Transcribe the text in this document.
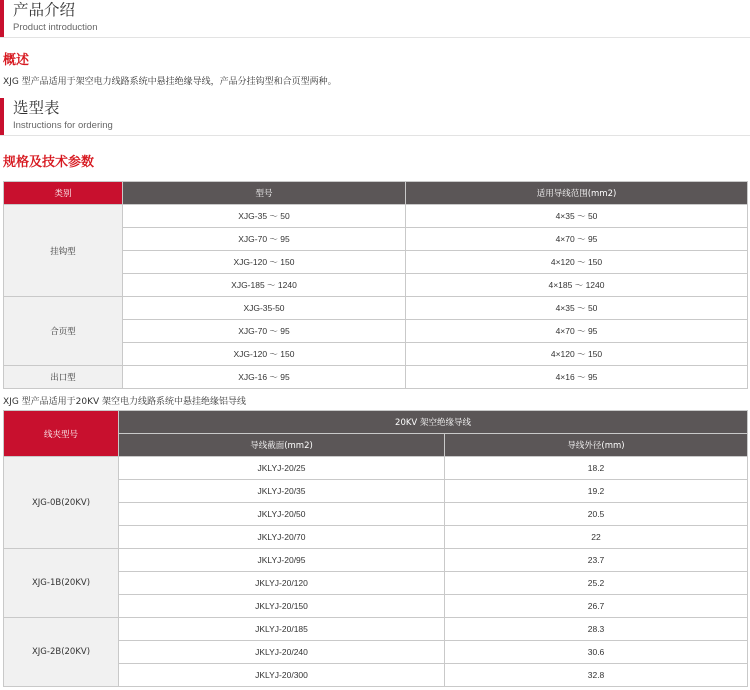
产品介绍
Product introduction
概述
XJG 型产品适用于架空电力线路系统中悬挂绝缘导线，产品分挂钩型和合页型两种。
选型表
Instructions for ordering
规格及技术参数
类别	型号	适用导线范围(mm2)
挂钩型	XJG-35 ～ 50	4×35 ～ 50
	XJG-70 ～ 95	4×70 ～ 95
	XJG-120 ～ 150	4×120 ～ 150
	XJG-185 ～ 1240	4×185 ～ 1240
合页型	XJG-35-50	4×35 ～ 50
	XJG-70 ～ 95	4×70 ～ 95
	XJG-120 ～ 150	4×120 ～ 150
出口型	XJG-16 ～ 95	4×16 ～ 95
XJG 型产品适用于20KV 架空电力线路系统中悬挂绝缘铝导线
线夹型号	20KV 架空绝缘导线	
	导线截面(mm2)	导线外径(mm)
XJG-0B(20KV)	JKLYJ-20/25	18.2
	JKLYJ-20/35	19.2
	JKLYJ-20/50	20.5
	JKLYJ-20/70	22
XJG-1B(20KV)	JKLYJ-20/95	23.7
	JKLYJ-20/120	25.2
	JKLYJ-20/150	26.7
XJG-2B(20KV)	JKLYJ-20/185	28.3
	JKLYJ-20/240	30.6
	JKLYJ-20/300	32.8
